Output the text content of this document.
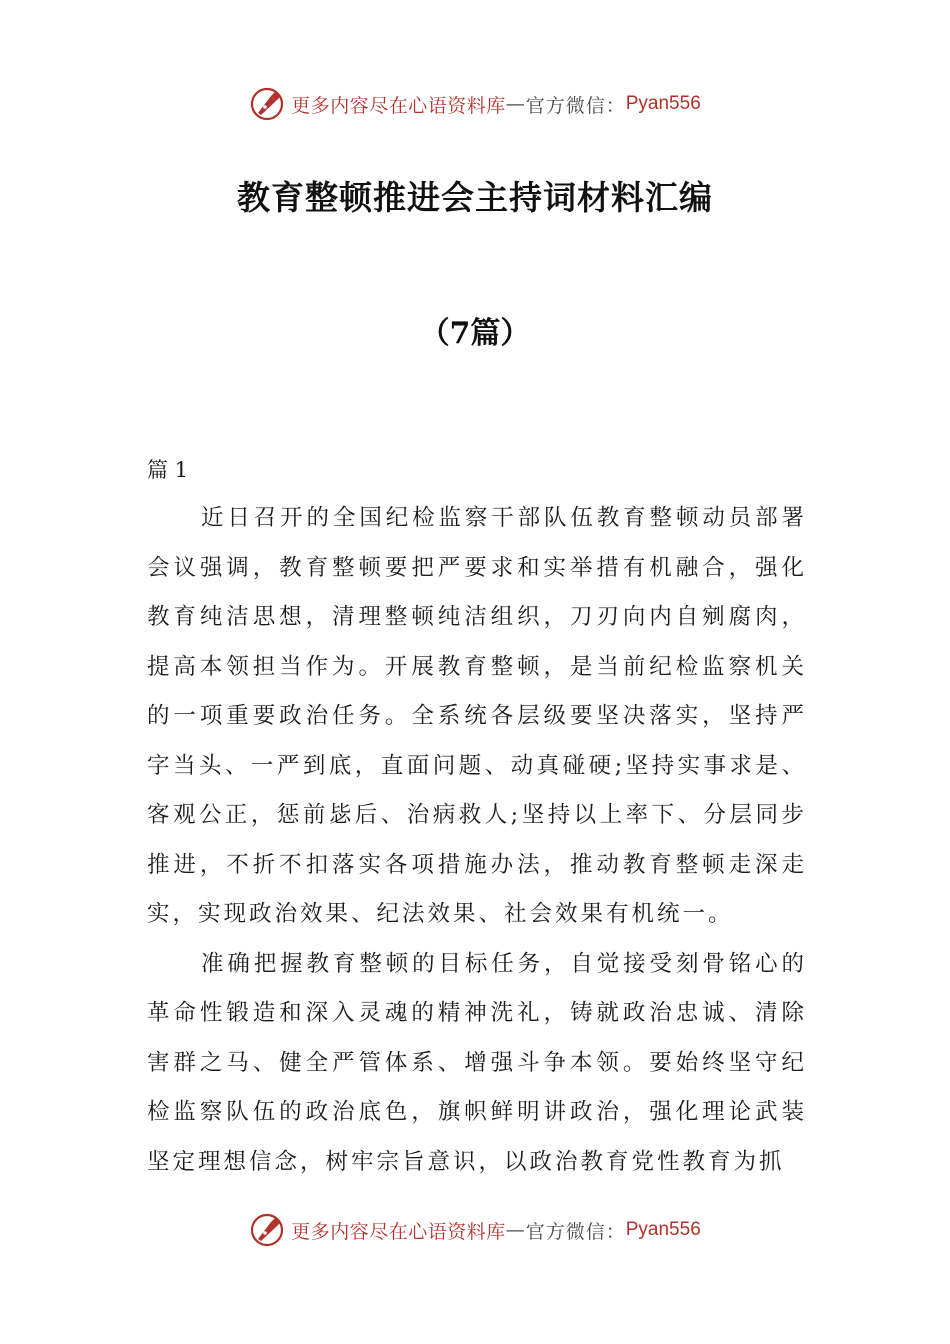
更多内容尽在心语资料库 — 官方微信： Pyan556
教育整顿推进会主持词材料汇编
（7篇）
篇 1

近日召开的全国纪检监察干部队伍教育整顿动员部署会议强调，教育整顿要把严要求和实举措有机融合，强化教育纯洁思想，清理整顿纯洁组织，刀刃向内自剜腐肉，提高本领担当作为。开展教育整顿，是当前纪检监察机关的一项重要政治任务。全系统各层级要坚决落实，坚持严字当头、一严到底，直面问题、动真碰硬;坚持实事求是、客观公正，惩前毖后、治病救人;坚持以上率下、分层同步推进，不折不扣落实各项措施办法，推动教育整顿走深走实，实现政治效果、纪法效果、社会效果有机统一。

准确把握教育整顿的目标任务，自觉接受刻骨铭心的革命性锻造和深入灵魂的精神洗礼，铸就政治忠诚、清除害群之马、健全严管体系、增强斗争本领。要始终坚守纪检监察队伍的政治底色，旗帜鲜明讲政治，强化理论武装坚定理想信念，树牢宗旨意识，以政治教育党性教育为抓

更多内容尽在心语资料库 — 官方微信： Pyan556
